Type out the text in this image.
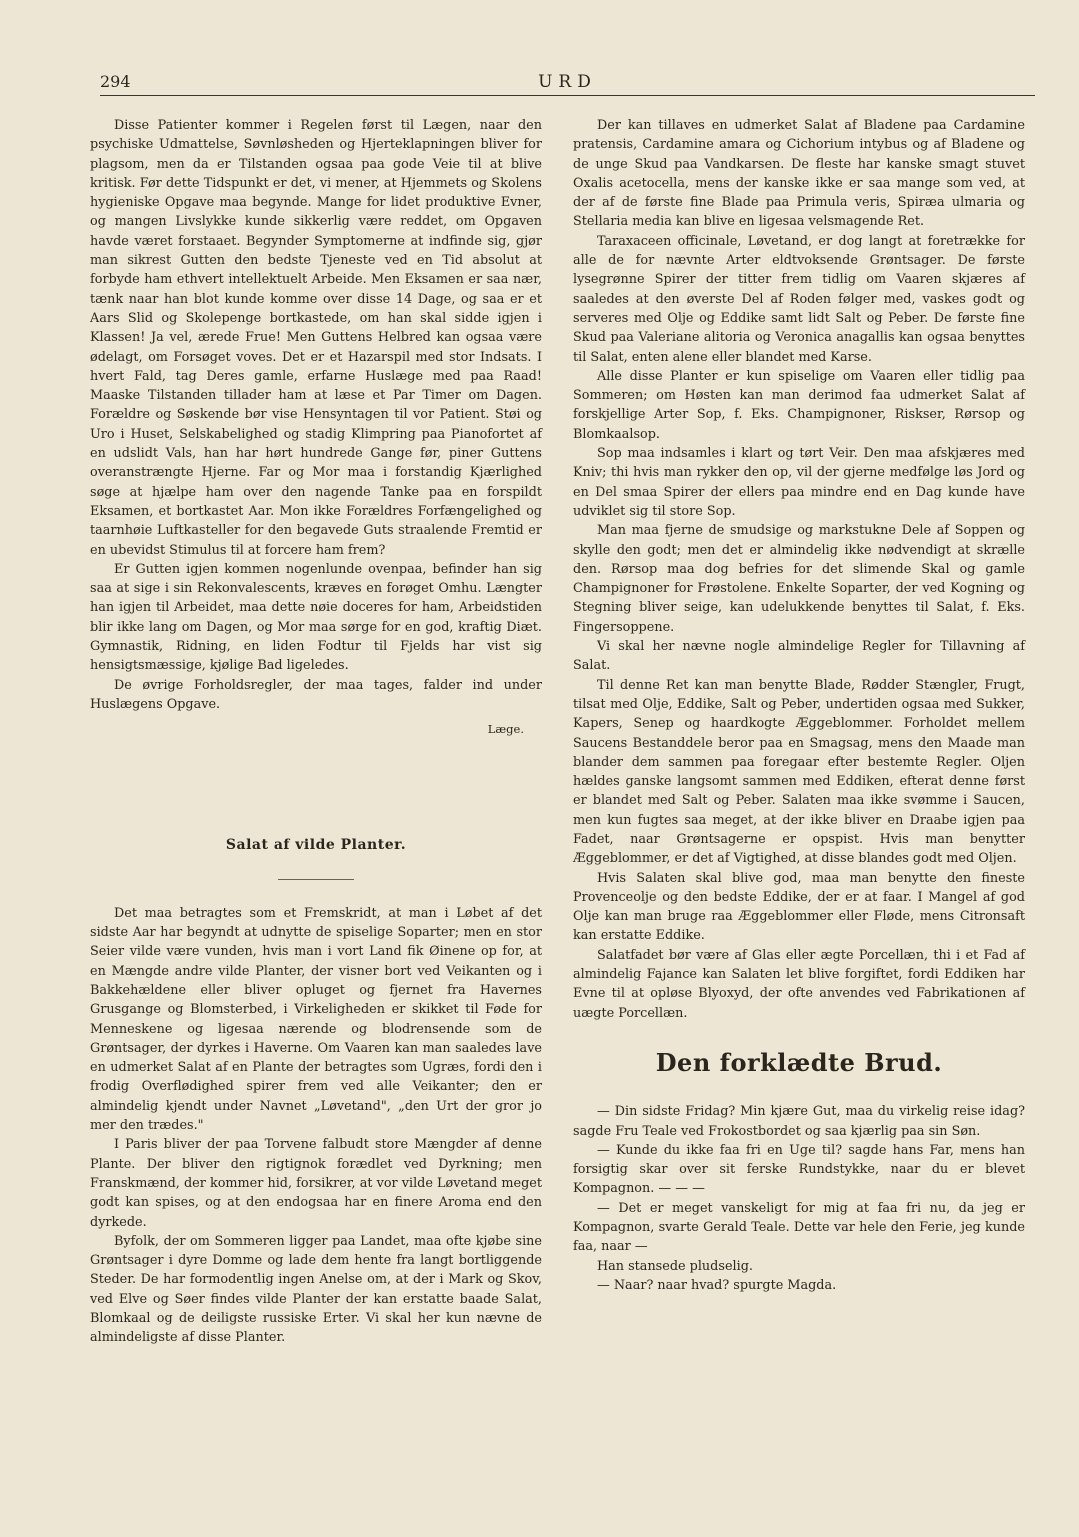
294	URD

Disse Patienter kommer i Regelen først til Lægen, naar den psychiske Udmattelse, Søvnløsheden og Hjerteklapningen bliver for plagsom, men da er Tilstanden ogsaa paa gode Veie til at blive kritisk. Før dette Tidspunkt er det, vi mener, at Hjemmets og Skolens hygieniske Opgave maa begynde. Mange for lidet produktive Evner, og mangen Livslykke kunde sikkerlig være reddet, om Opgaven havde været forstaaet. Begynder Symptomerne at indfinde sig, gjør man sikrest Gutten den bedste Tjeneste ved en Tid absolut at forbyde ham ethvert intellektuelt Arbeide. Men Eksamen er saa nær, tænk naar han blot kunde komme over disse 14 Dage, og saa er et Aars Slid og Skolepenge bortkastede, om han skal sidde igjen i Klassen! Ja vel, ærede Frue! Men Guttens Helbred kan ogsaa være ødelagt, om Forsøget voves. Det er et Hazarspil med stor Indsats. I hvert Fald, tag Deres gamle, erfarne Huslæge med paa Raad! Maaske Tilstanden tillader ham at læse et Par Timer om Dagen. Forældre og Søskende bør vise Hensyntagen til vor Patient. Støi og Uro i Huset, Selskabelighed og stadig Klimpring paa Pianofortet af en udslidt Vals, han har hørt hundrede Gange før, piner Guttens overanstrængte Hjerne. Far og Mor maa i forstandig Kjærlighed søge at hjælpe ham over den nagende Tanke paa en forspildt Eksamen, et bortkastet Aar. Mon ikke Forældres Forfængelighed og taarnhøie Luftkasteller for den begavede Guts straalende Fremtid er en ubevidst Stimulus til at forcere ham frem?

Er Gutten igjen kommen nogenlunde ovenpaa, befinder han sig saa at sige i sin Rekonvalescents, kræves en forøget Omhu. Længter han igjen til Arbeidet, maa dette nøie doceres for ham, Arbeidstiden blir ikke lang om Dagen, og Mor maa sørge for en god, kraftig Diæt. Gymnastik, Ridning, en liden Fodtur til Fjelds har vist sig hensigtsmæssige, kjølige Bad ligeledes.

De øvrige Forholdsregler, der maa tages, falder ind under Huslægens Opgave.

Læge.

Salat af vilde Planter.

Det maa betragtes som et Fremskridt, at man i Løbet af det sidste Aar har begyndt at udnytte de spiselige Soparter; men en stor Seier vilde være vunden, hvis man i vort Land fik Øinene op for, at en Mængde andre vilde Planter, der visner bort ved Veikanten og i Bakkehældene eller bliver opluget og fjernet fra Havernes Grusgange og Blomsterbed, i Virkeligheden er skikket til Føde for Menneskene og ligesaa nærende og blodrensende som de Grøntsager, der dyrkes i Haverne. Om Vaaren kan man saaledes lave en udmerket Salat af en Plante der betragtes som Ugræs, fordi den i frodig Overflødighed spirer frem ved alle Veikanter; den er almindelig kjendt under Navnet „Løvetand", „den Urt der gror jo mer den trædes."

I Paris bliver der paa Torvene falbudt store Mængder af denne Plante. Der bliver den rigtignok forædlet ved Dyrkning; men Franskmænd, der kommer hid, forsikrer, at vor vilde Løvetand meget godt kan spises, og at den endogsaa har en finere Aroma end den dyrkede.

Byfolk, der om Sommeren ligger paa Landet, maa ofte kjøbe sine Grøntsager i dyre Domme og lade dem hente fra langt bortliggende Steder. De har formodentlig ingen Anelse om, at der i Mark og Skov, ved Elve og Søer findes vilde Planter der kan erstatte baade Salat, Blomkaal og de deiligste russiske Erter. Vi skal her kun nævne de almindeligste af disse Planter.

Der kan tillaves en udmerket Salat af Bladene paa Cardamine pratensis, Cardamine amara og Cichorium intybus og af Bladene og de unge Skud paa Vandkarsen. De fleste har kanske smagt stuvet Oxalis acetocella, mens der kanske ikke er saa mange som ved, at der af de første fine Blade paa Primula veris, Spiræa ulmaria og Stellaria media kan blive en ligesaa velsmagende Ret.

Taraxaceen officinale, Løvetand, er dog langt at foretrække for alle de for nævnte Arter eldtvoksende Grøntsager. De første lysegrønne Spirer der titter frem tidlig om Vaaren skjæres af saaledes at den øverste Del af Roden følger med, vaskes godt og serveres med Olje og Eddike samt lidt Salt og Peber. De første fine Skud paa Valeriane alitoria og Veronica anagallis kan ogsaa benyttes til Salat, enten alene eller blandet med Karse.

Alle disse Planter er kun spiselige om Vaaren eller tidlig paa Sommeren; om Høsten kan man derimod faa udmerket Salat af forskjellige Arter Sop, f. Eks. Champignoner, Riskser, Rørsop og Blomkaalsop.

Sop maa indsamles i klart og tørt Veir. Den maa afskjæres med Kniv; thi hvis man rykker den op, vil der gjerne medfølge løs Jord og en Del smaa Spirer der ellers paa mindre end en Dag kunde have udviklet sig til store Sop.

Man maa fjerne de smudsige og markstukne Dele af Soppen og skylle den godt; men det er almindelig ikke nødvendigt at skrælle den. Rørsop maa dog befries for det slimende Skal og gamle Champignoner for Frøstolene. Enkelte Soparter, der ved Kogning og Stegning bliver seige, kan udelukkende benyttes til Salat, f. Eks. Fingersoppene.

Vi skal her nævne nogle almindelige Regler for Tillavning af Salat.

Til denne Ret kan man benytte Blade, Rødder Stængler, Frugt, tilsat med Olje, Eddike, Salt og Peber, undertiden ogsaa med Sukker, Kapers, Senep og haardkogte Æggeblommer. Forholdet mellem Saucens Bestanddele beror paa en Smagsag, mens den Maade man blander dem sammen paa foregaar efter bestemte Regler. Oljen hældes ganske langsomt sammen med Eddiken, efterat denne først er blandet med Salt og Peber. Salaten maa ikke svømme i Saucen, men kun fugtes saa meget, at der ikke bliver en Draabe igjen paa Fadet, naar Grøntsagerne er opspist. Hvis man benytter Æggeblommer, er det af Vigtighed, at disse blandes godt med Oljen.

Hvis Salaten skal blive god, maa man benytte den fineste Provenceolje og den bedste Eddike, der er at faar. I Mangel af god Olje kan man bruge raa Æggeblommer eller Fløde, mens Citronsaft kan erstatte Eddike.

Salatfadet bør være af Glas eller ægte Porcellæn, thi i et Fad af almindelig Fajance kan Salaten let blive forgiftet, fordi Eddiken har Evne til at opløse Blyoxyd, der ofte anvendes ved Fabrikationen af uægte Porcellæn.

Den forklædte Brud.

— Din sidste Fridag? Min kjære Gut, maa du virkelig reise idag? sagde Fru Teale ved Frokostbordet og saa kjærlig paa sin Søn.

— Kunde du ikke faa fri en Uge til? sagde hans Far, mens han forsigtig skar over sit ferske Rundstykke, naar du er blevet Kompagnon. — — —

— Det er meget vanskeligt for mig at faa fri nu, da jeg er Kompagnon, svarte Gerald Teale. Dette var hele den Ferie, jeg kunde faa, naar —

Han stansede pludselig.

— Naar? naar hvad? spurgte Magda.
